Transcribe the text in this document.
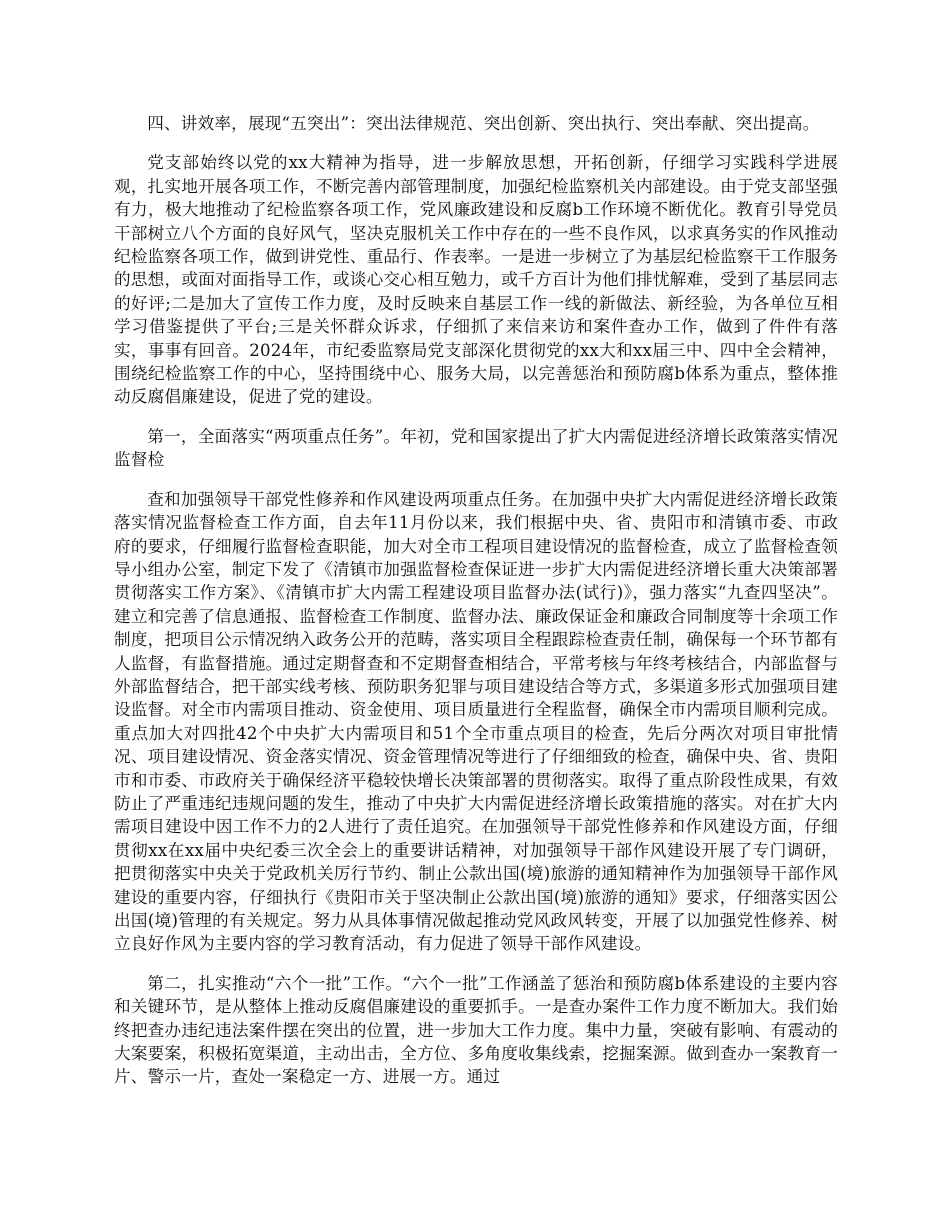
四、讲效率，展现“五突出”：突出法律规范、突出创新、突出执行、突出奉献、突出提高。

党支部始终以党的xx大精神为指导，进一步解放思想，开拓创新，仔细学习实践科学进展观，扎实地开展各项工作，不断完善内部管理制度，加强纪检监察机关内部建设。由于党支部坚强有力，极大地推动了纪检监察各项工作，党风廉政建设和反腐b工作环境不断优化。教育引导党员干部树立八个方面的良好风气，坚决克服机关工作中存在的一些不良作风，以求真务实的作风推动纪检监察各项工作，做到讲党性、重品行、作表率。一是进一步树立了为基层纪检监察干工作服务的思想，或面对面指导工作，或谈心交心相互勉力，或千方百计为他们排忧解难，受到了基层同志的好评;二是加大了宣传工作力度，及时反映来自基层工作一线的新做法、新经验，为各单位互相学习借鉴提供了平台;三是关怀群众诉求，仔细抓了来信来访和案件查办工作，做到了件件有落实，事事有回音。2024年，市纪委监察局党支部深化贯彻党的xx大和xx届三中、四中全会精神，围绕纪检监察工作的中心，坚持围绕中心、服务大局，以完善惩治和预防腐b体系为重点，整体推动反腐倡廉建设，促进了党的建设。

第一，全面落实“两项重点任务”。年初，党和国家提出了扩大内需促进经济增长政策落实情况监督检

查和加强领导干部党性修养和作风建设两项重点任务。在加强中央扩大内需促进经济增长政策落实情况监督检查工作方面，自去年11月份以来，我们根据中央、省、贵阳市和清镇市委、市政府的要求，仔细履行监督检查职能，加大对全市工程项目建设情况的监督检查，成立了监督检查领导小组办公室，制定下发了《清镇市加强监督检查保证进一步扩大内需促进经济增长重大决策部署贯彻落实工作方案》、《清镇市扩大内需工程建设项目监督办法(试行)》，强力落实“九查四坚决”。建立和完善了信息通报、监督检查工作制度、监督办法、廉政保证金和廉政合同制度等十余项工作制度，把项目公示情况纳入政务公开的范畴，落实项目全程跟踪检查责任制，确保每一个环节都有人监督，有监督措施。通过定期督查和不定期督查相结合，平常考核与年终考核结合，内部监督与外部监督结合，把干部实线考核、预防职务犯罪与项目建设结合等方式，多渠道多形式加强项目建设监督。对全市内需项目推动、资金使用、项目质量进行全程监督，确保全市内需项目顺利完成。重点加大对四批42个中央扩大内需项目和51个全市重点项目的检查，先后分两次对项目审批情况、项目建设情况、资金落实情况、资金管理情况等进行了仔细细致的检查，确保中央、省、贵阳市和市委、市政府关于确保经济平稳较快增长决策部署的贯彻落实。取得了重点阶段性成果，有效防止了严重违纪违规问题的发生，推动了中央扩大内需促进经济增长政策措施的落实。对在扩大内需项目建设中因工作不力的2人进行了责任追究。在加强领导干部党性修养和作风建设方面，仔细贯彻xx在xx届中央纪委三次全会上的重要讲话精神，对加强领导干部作风建设开展了专门调研，把贯彻落实中央关于党政机关厉行节约、制止公款出国(境)旅游的通知精神作为加强领导干部作风建设的重要内容，仔细执行《贵阳市关于坚决制止公款出国(境)旅游的通知》要求，仔细落实因公出国(境)管理的有关规定。努力从具体事情况做起推动党风政风转变，开展了以加强党性修养、树立良好作风为主要内容的学习教育活动，有力促进了领导干部作风建设。

第二，扎实推动“六个一批”工作。“六个一批”工作涵盖了惩治和预防腐b体系建设的主要内容和关键环节，是从整体上推动反腐倡廉建设的重要抓手。一是查办案件工作力度不断加大。我们始终把查办违纪违法案件摆在突出的位置，进一步加大工作力度。集中力量，突破有影响、有震动的大案要案，积极拓宽渠道，主动出击，全方位、多角度收集线索，挖掘案源。做到查办一案教育一片、警示一片，查处一案稳定一方、进展一方。通过
